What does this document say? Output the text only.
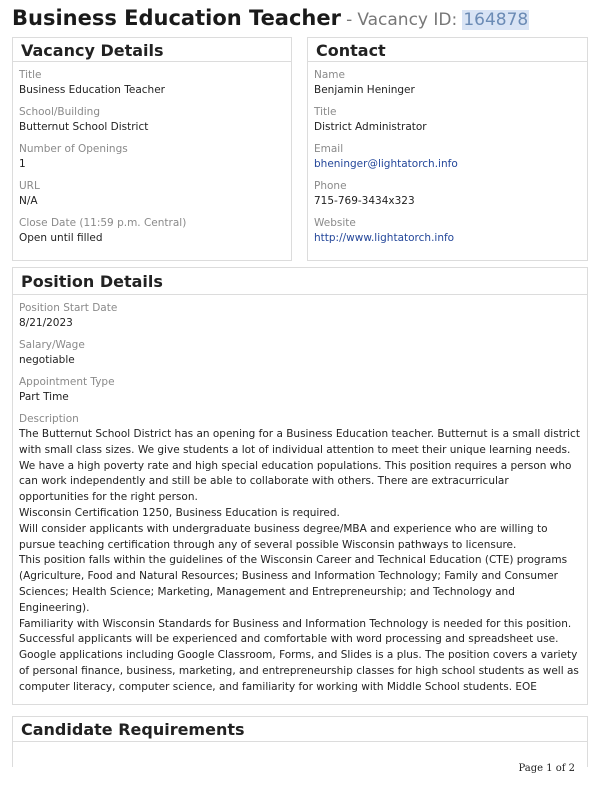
Business Education Teacher - Vacancy ID: 164878
Vacancy Details
Title
Business Education Teacher
School/Building
Butternut School District
Number of Openings
1
URL
N/A
Close Date (11:59 p.m. Central)
Open until filled
Contact
Name
Benjamin Heninger
Title
District Administrator
Email
bheninger@lightatorch.info
Phone
715-769-3434x323
Website
http://www.lightatorch.info
Position Details
Position Start Date
8/21/2023
Salary/Wage
negotiable
Appointment Type
Part Time
Description

The Butternut School District has an opening for a Business Education teacher. Butternut is a small district with small class sizes. We give students a lot of individual attention to meet their unique learning needs. We have a high poverty rate and high special education populations. This position requires a person who can work independently and still be able to collaborate with others. There are extracurricular opportunities for the right person.

Wisconsin Certification 1250, Business Education is required.

Will consider applicants with undergraduate business degree/MBA and experience who are willing to pursue teaching certification through any of several possible Wisconsin pathways to licensure.

This position falls within the guidelines of the Wisconsin Career and Technical Education (CTE) programs (Agriculture, Food and Natural Resources; Business and Information Technology; Family and Consumer Sciences; Health Science; Marketing, Management and Entrepreneurship; and Technology and Engineering).

Familiarity with Wisconsin Standards for Business and Information Technology is needed for this position. Successful applicants will be experienced and comfortable with word processing and spreadsheet use. Google applications including Google Classroom, Forms, and Slides is a plus. The position covers a variety of personal finance, business, marketing, and entrepreneurship classes for high school students as well as computer literacy, computer science, and familiarity for working with Middle School students. EOE

Candidate Requirements
Page 1 of 2
